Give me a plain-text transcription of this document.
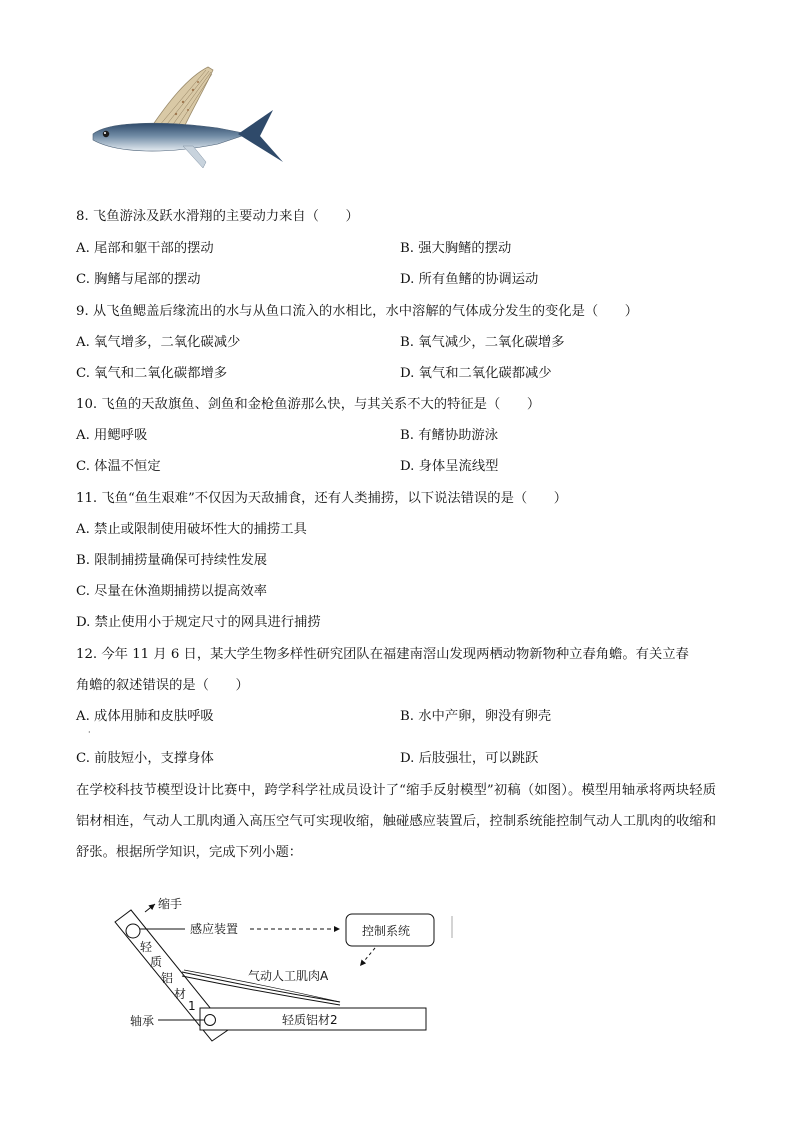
8. 飞鱼游泳及跃水滑翔的主要动力来自（　　）
A. 尾部和躯干部的摆动	B. 强大胸鳍的摆动
C. 胸鳍与尾部的摆动	D. 所有鱼鳍的协调运动
9. 从飞鱼鳃盖后缘流出的水与从鱼口流入的水相比，水中溶解的气体成分发生的变化是（　　）
A. 氧气增多，二氧化碳减少	B. 氧气减少，二氧化碳增多
C. 氧气和二氧化碳都增多	D. 氧气和二氧化碳都减少
10. 飞鱼的天敌旗鱼、剑鱼和金枪鱼游那么快，与其关系不大的特征是（　　）
A. 用鳃呼吸	B. 有鳍协助游泳
C. 体温不恒定	D. 身体呈流线型
11. 飞鱼“鱼生艰难”不仅因为天敌捕食，还有人类捕捞，以下说法错误的是（　　）
A. 禁止或限制使用破坏性大的捕捞工具
B. 限制捕捞量确保可持续性发展
C. 尽量在休渔期捕捞以提高效率
D. 禁止使用小于规定尺寸的网具进行捕捞
12. 今年 11 月 6 日，某大学生物多样性研究团队在福建南滘山发现两栖动物新物种立春角蟾。有关立春
角蟾的叙述错误的是（　　）
A. 成体用肺和皮肤呼吸	B. 水中产卵，卵没有卵壳
·
C. 前肢短小，支撑身体	D. 后肢强壮，可以跳跃
在学校科技节模型设计比赛中，跨学科学社成员设计了“缩手反射模型”初稿（如图）。模型用轴承将两块轻质铝材相连，气动人工肌肉通入高压空气可实现收缩，触碰感应装置后，控制系统能控制气动人工肌肉的收缩和舒张。根据所学知识，完成下列小题：
轻
质
铝
材
1
缩手
感应装置	控制系统
气动人工肌肉A
轴承	轻质铝材2
